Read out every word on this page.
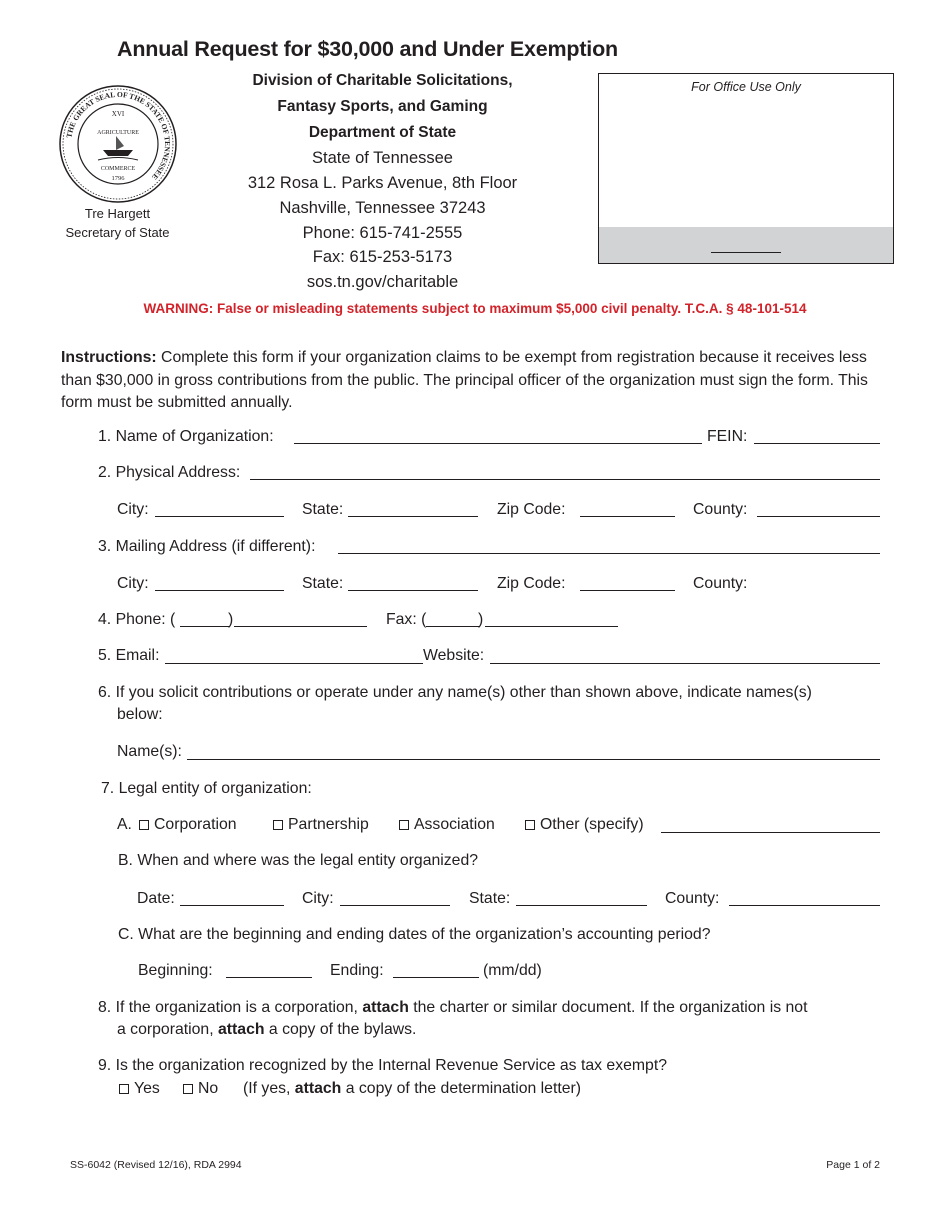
Annual Request for $30,000 and Under Exemption
THE GREAT SEAL OF THE STATE OF TENNESSEE
XVI
AGRICULTURE
COMMERCE
1796
Tre Hargett
Secretary of State
Division of Charitable Solicitations,
Fantasy Sports, and Gaming
Department of State
State of Tennessee
312 Rosa L. Parks Avenue, 8th Floor
Nashville, Tennessee 37243
Phone: 615-741-2555
Fax: 615-253-5173
sos.tn.gov/charitable
For Office Use Only
WARNING: False or misleading statements subject to maximum $5,000 civil penalty. T.C.A. § 48-101-514
Instructions: Complete this form if your organization claims to be exempt from registration because it receives less than $30,000 in gross contributions from the public. The principal officer of the organization must sign the form. This form must be submitted annually.
1. Name of Organization:	FEIN:
2. Physical Address:
City:	State:	Zip Code:	County:
3. Mailing Address (if different):
City:	State:	Zip Code:	County:
4. Phone: (	)	Fax: (	)
5. Email:	Website:
6. If you solicit contributions or operate under any name(s) other than shown above, indicate names(s)
below:
Name(s):
7. Legal entity of organization:
A.	Corporation	Partnership	Association	Other (specify)
B. When and where was the legal entity organized?
Date:	City:	State:	County:
C. What are the beginning and ending dates of the organization’s accounting period?
Beginning:	Ending:	(mm/dd)
8. If the organization is a corporation, attach the charter or similar document. If the organization is not
a corporation, attach a copy of the bylaws.
9. Is the organization recognized by the Internal Revenue Service as tax exempt?
Yes	No (If yes, attach a copy of the determination letter)
SS-6042 (Revised 12/16), RDA 2994	Page 1 of 2
